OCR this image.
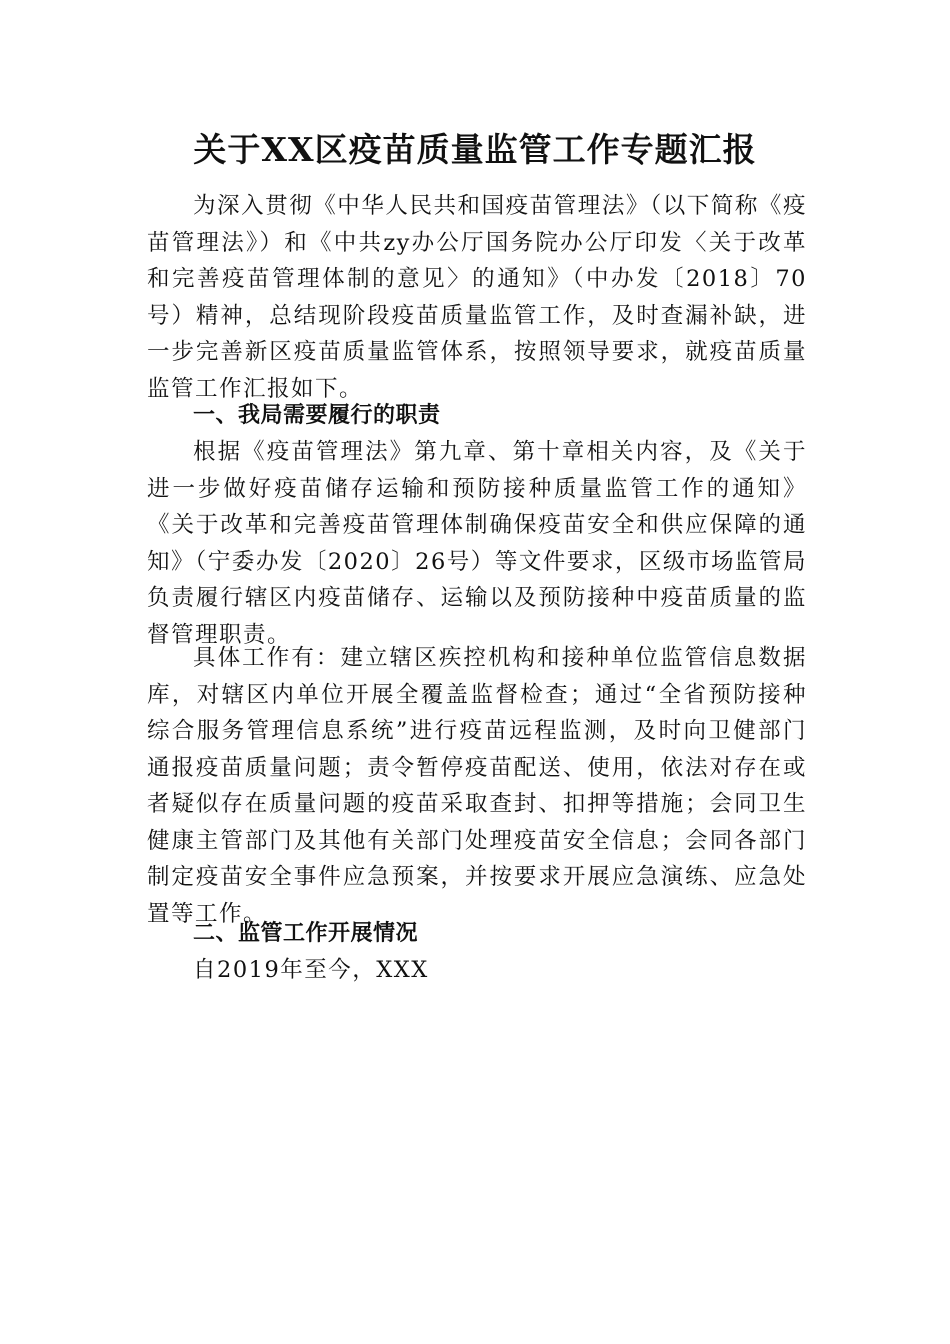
关于XX区疫苗质量监管工作专题汇报

为深入贯彻《中华人民共和国疫苗管理法》（以下简称《疫苗管理法》）和《中共zy办公厅国务院办公厅印发〈关于改革和完善疫苗管理体制的意见〉的通知》（中办发〔2018〕70号）精神，总结现阶段疫苗质量监管工作，及时查漏补缺，进一步完善新区疫苗质量监管体系，按照领导要求，就疫苗质量监管工作汇报如下。

一、我局需要履行的职责

根据《疫苗管理法》第九章、第十章相关内容，及《关于进一步做好疫苗储存运输和预防接种质量监管工作的通知》《关于改革和完善疫苗管理体制确保疫苗安全和供应保障的通知》（宁委办发〔2020〕26号）等文件要求，区级市场监管局负责履行辖区内疫苗储存、运输以及预防接种中疫苗质量的监督管理职责。

具体工作有：建立辖区疾控机构和接种单位监管信息数据库，对辖区内单位开展全覆盖监督检查；通过“全省预防接种综合服务管理信息系统”进行疫苗远程监测，及时向卫健部门通报疫苗质量问题；责令暂停疫苗配送、使用，依法对存在或者疑似存在质量问题的疫苗采取查封、扣押等措施；会同卫生健康主管部门及其他有关部门处理疫苗安全信息；会同各部门制定疫苗安全事件应急预案，并按要求开展应急演练、应急处置等工作。

二、监管工作开展情况

自2019年至今，XXX
